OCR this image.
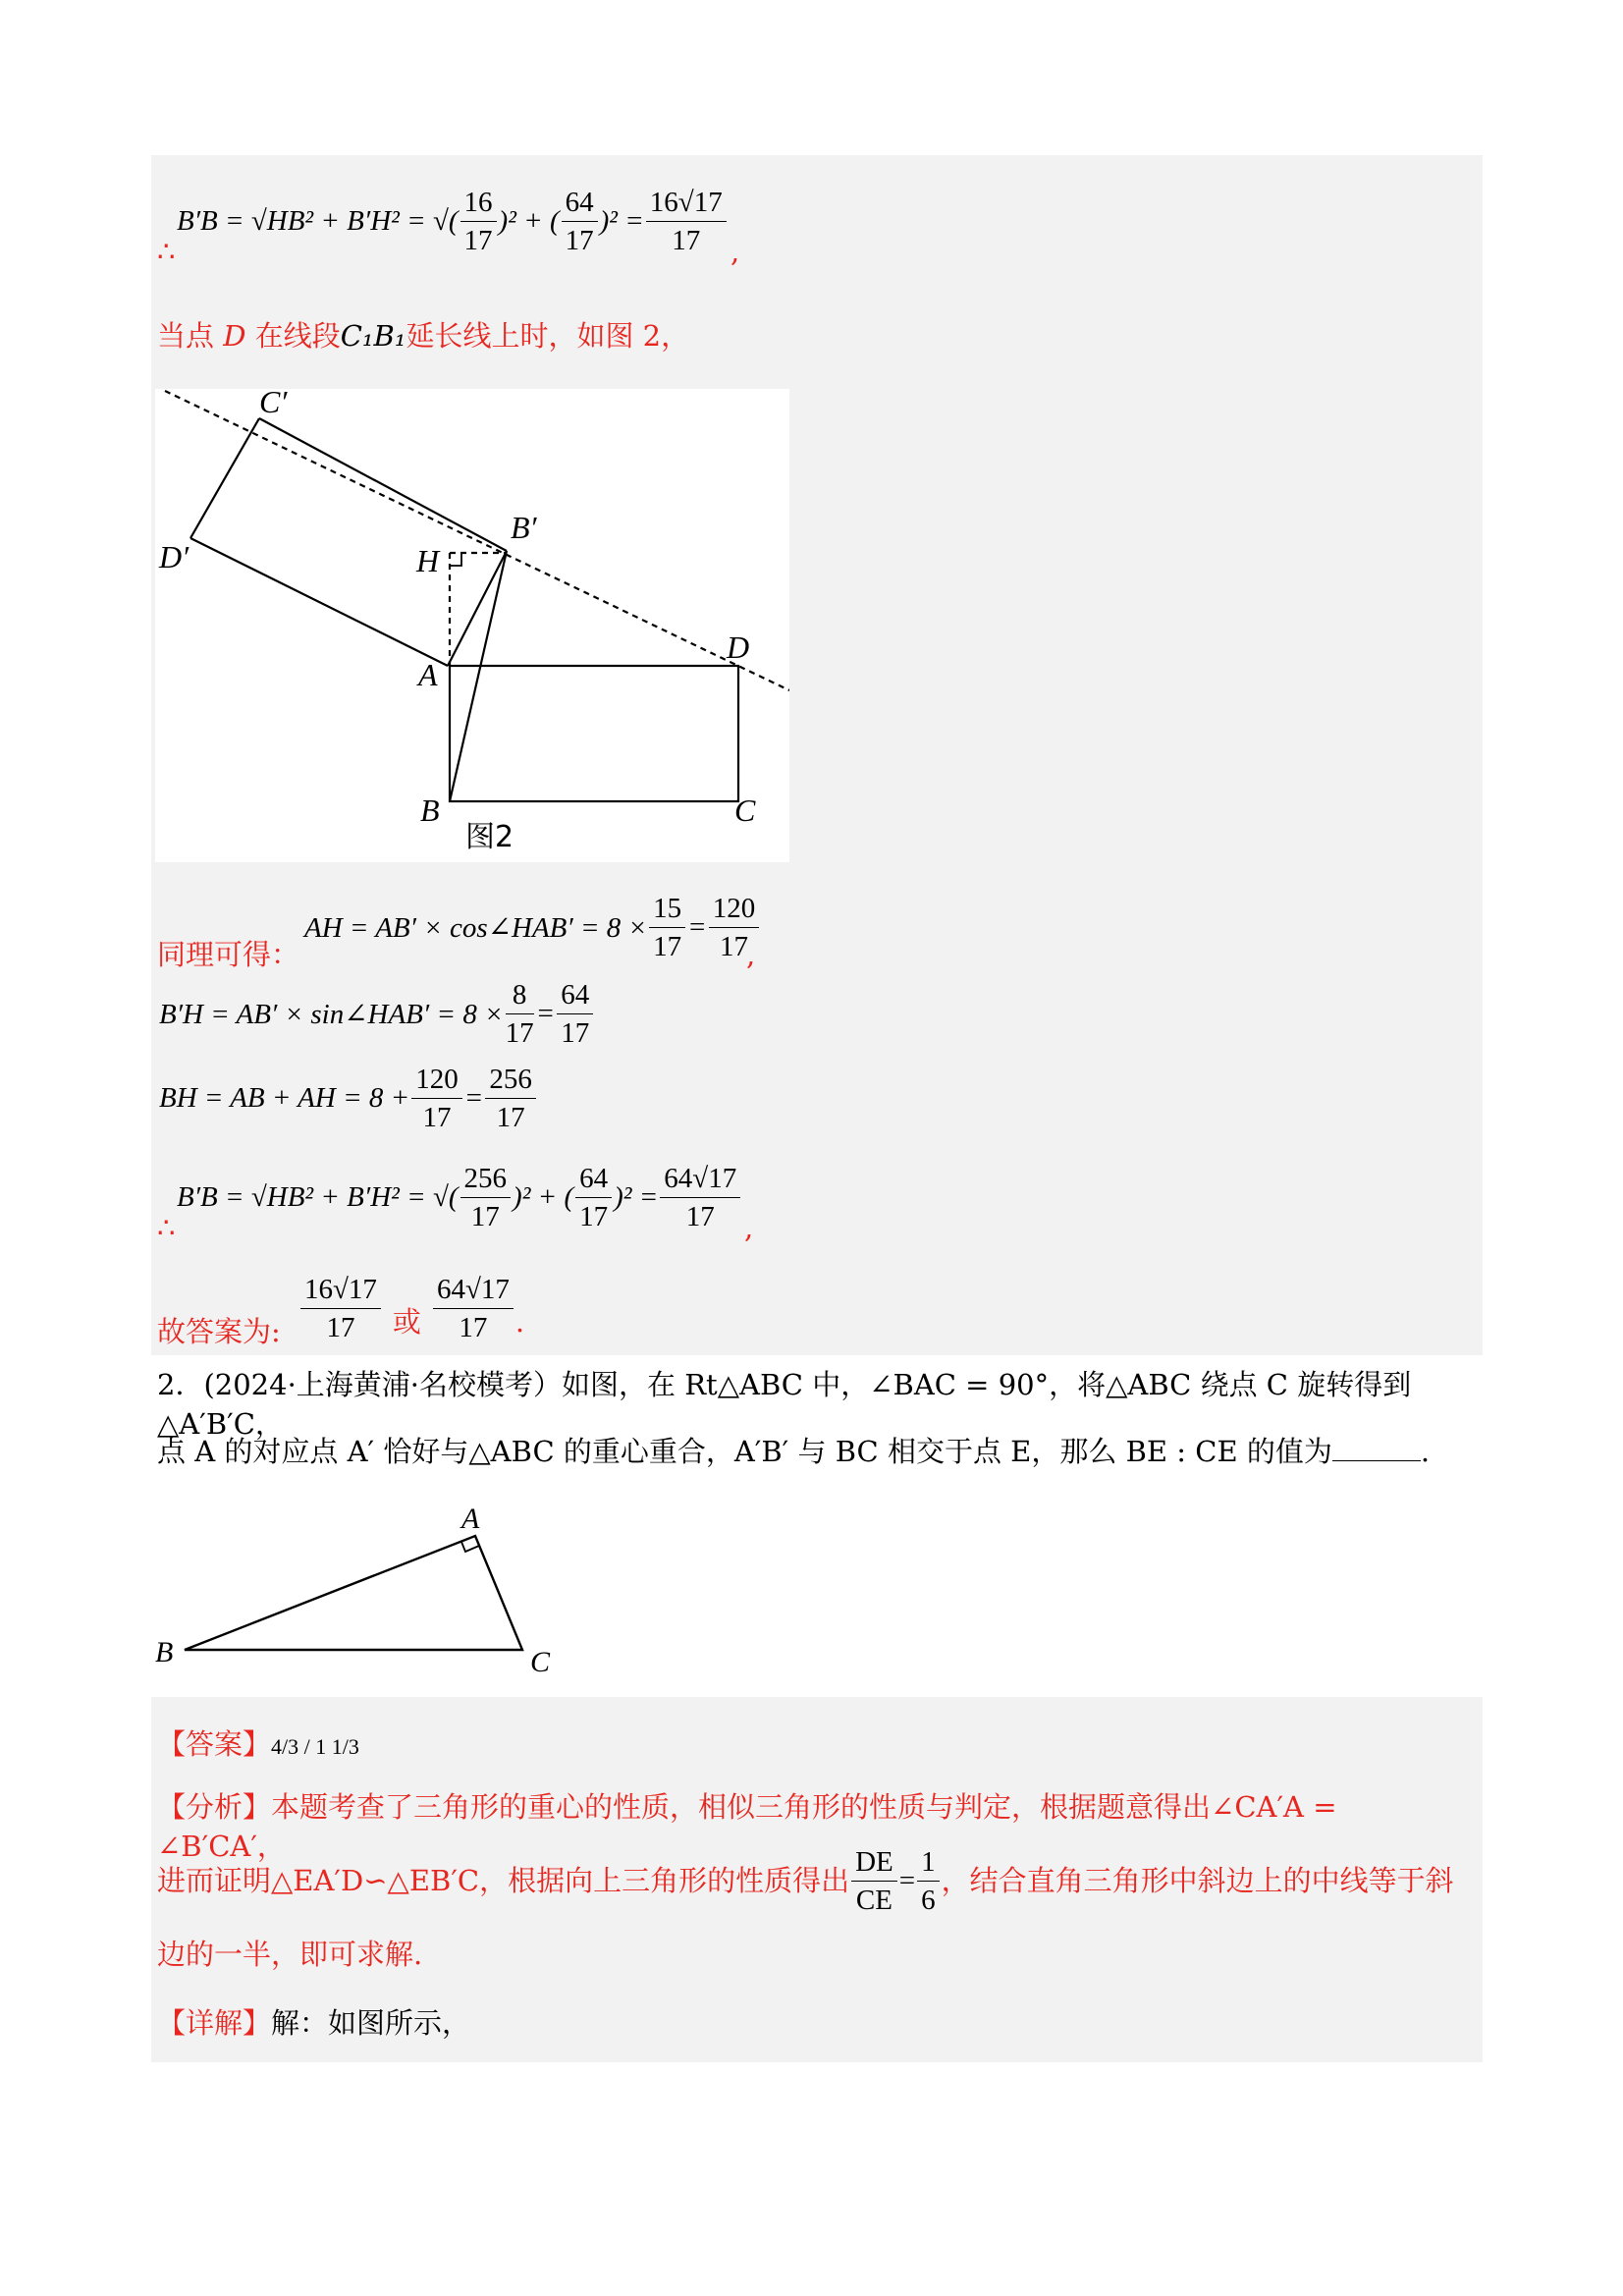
B′B = √HB² + B′H² = √( $\frac{16}{17} )^2$ + ( $\frac{64}{17} )^2 = \frac{16√17}{17}$
∴	,
当点 D 在线段C₁B₁延长线上时，如图 2，
C′
D′
B′
H
A
D
B	C
图2
同理可得：
AH = AB′ × cos∠HAB′ = $8 \times \frac{15}{17} = \frac{120}{17}$
,
B′H = AB′ × sin∠HAB′ = $8 \times \frac{8}{17} = \frac{64}{17}$
BH = AB + AH = $8 + \frac{120}{17} = \frac{256}{17}$
B′B = √HB² + B′H² = √( $\frac{256}{17} )^2$ + ( $\frac{64}{17} )^2 = \frac{64√17}{17}$
∴	,
故答案为: $\frac{16√17}{17}$ 或 $\frac{64√17}{17}$ .
2．(2024·上海黄浦·名校模考）如图，在 Rt△ABC 中，∠BAC = 90°，将△ABC 绕点 C 旋转得到△A′B′C，
点 A 的对应点 A′ 恰好与△ABC 的重心重合，A′B′ 与 BC 相交于点 E，那么 BE : CE 的值为	.
A
B	C
【答案】4/3 / 1 1/3
【分析】本题考查了三角形的重心的性质，相似三角形的性质与判定，根据题意得出∠CA′A = ∠B′CA′，
进而证明△EA′D∽△EB′C，根据向上三角形的性质得出 $\frac{DE}{CE} = \frac{1}{6}$ ，结合直角三角形中斜边上的中线等于斜
边的一半，即可求解.
【详解】解：如图所示，
